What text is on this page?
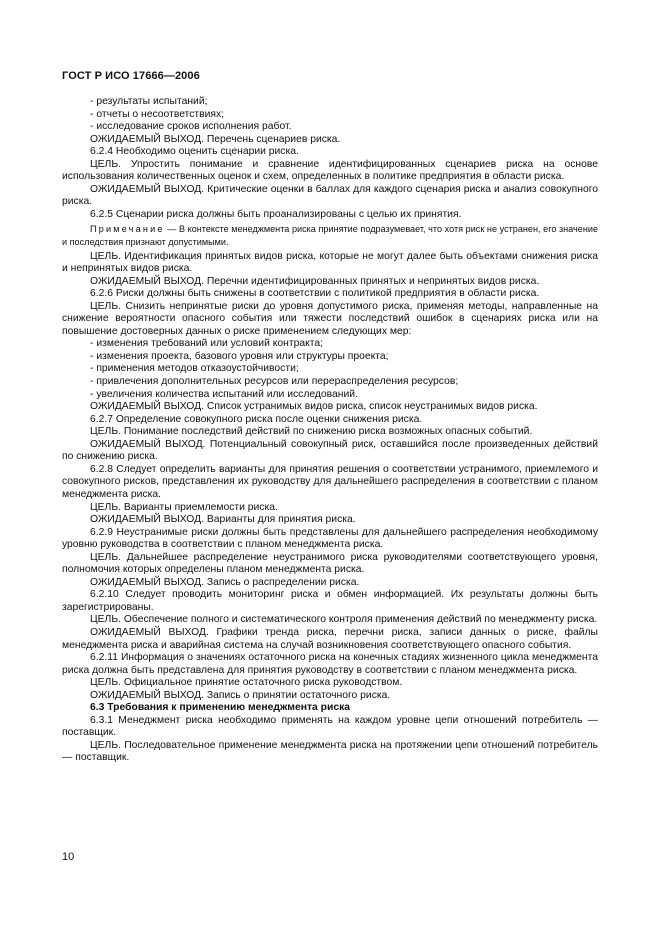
ГОСТ Р ИСО 17666—2006

- результаты испытаний;

- отчеты о несоответствиях;

- исследование сроков исполнения работ.

ОЖИДАЕМЫЙ ВЫХОД. Перечень сценариев риска.

6.2.4 Необходимо оценить сценарии риска.

ЦЕЛЬ. Упростить понимание и сравнение идентифицированных сценариев риска на основе использования количественных оценок и схем, определенных в политике предприятия в области риска.

ОЖИДАЕМЫЙ ВЫХОД. Критические оценки в баллах для каждого сценария риска и анализ совокупного риска.

6.2.5 Сценарии риска должны быть проанализированы с целью их принятия.

Примечание — В контексте менеджмента риска принятие подразумевает, что хотя риск не устранен, его значение и последствия признают допустимыми.

ЦЕЛЬ. Идентификация принятых видов риска, которые не могут далее быть объектами снижения риска и непринятых видов риска.

ОЖИДАЕМЫЙ ВЫХОД. Перечни идентифицированных принятых и непринятых видов риска.

6.2.6 Риски должны быть снижены в соответствии с политикой предприятия в области риска.

ЦЕЛЬ. Снизить непринятые риски до уровня допустимого риска, применяя методы, направленные на снижение вероятности опасного события или тяжести последствий ошибок в сценариях риска или на повышение достоверных данных о риске применением следующих мер:

- изменения требований или условий контракта;

- изменения проекта, базового уровня или структуры проекта;

- применения методов отказоустойчивости;

- привлечения дополнительных ресурсов или перераспределения ресурсов;

- увеличения количества испытаний или исследований.

ОЖИДАЕМЫЙ ВЫХОД. Список устранимых видов риска, список неустранимых видов риска.

6.2.7 Определение совокупного риска после оценки снижения риска.

ЦЕЛЬ. Понимание последствий действий по снижению риска возможных опасных событий.

ОЖИДАЕМЫЙ ВЫХОД. Потенциальный совокупный риск, оставшийся после произведенных действий по снижению риска.

6.2.8 Следует определить варианты для принятия решения о соответствии устранимого, приемлемого и совокупного рисков, представления их руководству для дальнейшего распределения в соответствии с планом менеджмента риска.

ЦЕЛЬ. Варианты приемлемости риска.

ОЖИДАЕМЫЙ ВЫХОД. Варианты для принятия риска.

6.2.9 Неустранимые риски должны быть представлены для дальнейшего распределения необходимому уровню руководства в соответствии с планом менеджмента риска.

ЦЕЛЬ. Дальнейшее распределение неустранимого риска руководителями соответствующего уровня, полномочия которых определены планом менеджмента риска.

ОЖИДАЕМЫЙ ВЫХОД. Запись о распределении риска.

6.2.10 Следует проводить мониторинг риска и обмен информацией. Их результаты должны быть зарегистрированы.

ЦЕЛЬ. Обеспечение полного и систематического контроля применения действий по менеджменту риска.

ОЖИДАЕМЫЙ ВЫХОД. Графики тренда риска, перечни риска, записи данных о риске, файлы менеджмента риска и аварийная система на случай возникновения соответствующего опасного события.

6.2.11 Информация о значениях остаточного риска на конечных стадиях жизненного цикла менеджмента риска должна быть представлена для принятия руководству в соответствии с планом менеджмента риска.

ЦЕЛЬ. Официальное принятие остаточного риска руководством.

ОЖИДАЕМЫЙ ВЫХОД. Запись о принятии остаточного риска.

6.3 Требования к применению менеджмента риска

6.3.1 Менеджмент риска необходимо применять на каждом уровне цепи отношений потребитель — поставщик.

ЦЕЛЬ. Последовательное применение менеджмента риска на протяжении цепи отношений потребитель — поставщик.

10
